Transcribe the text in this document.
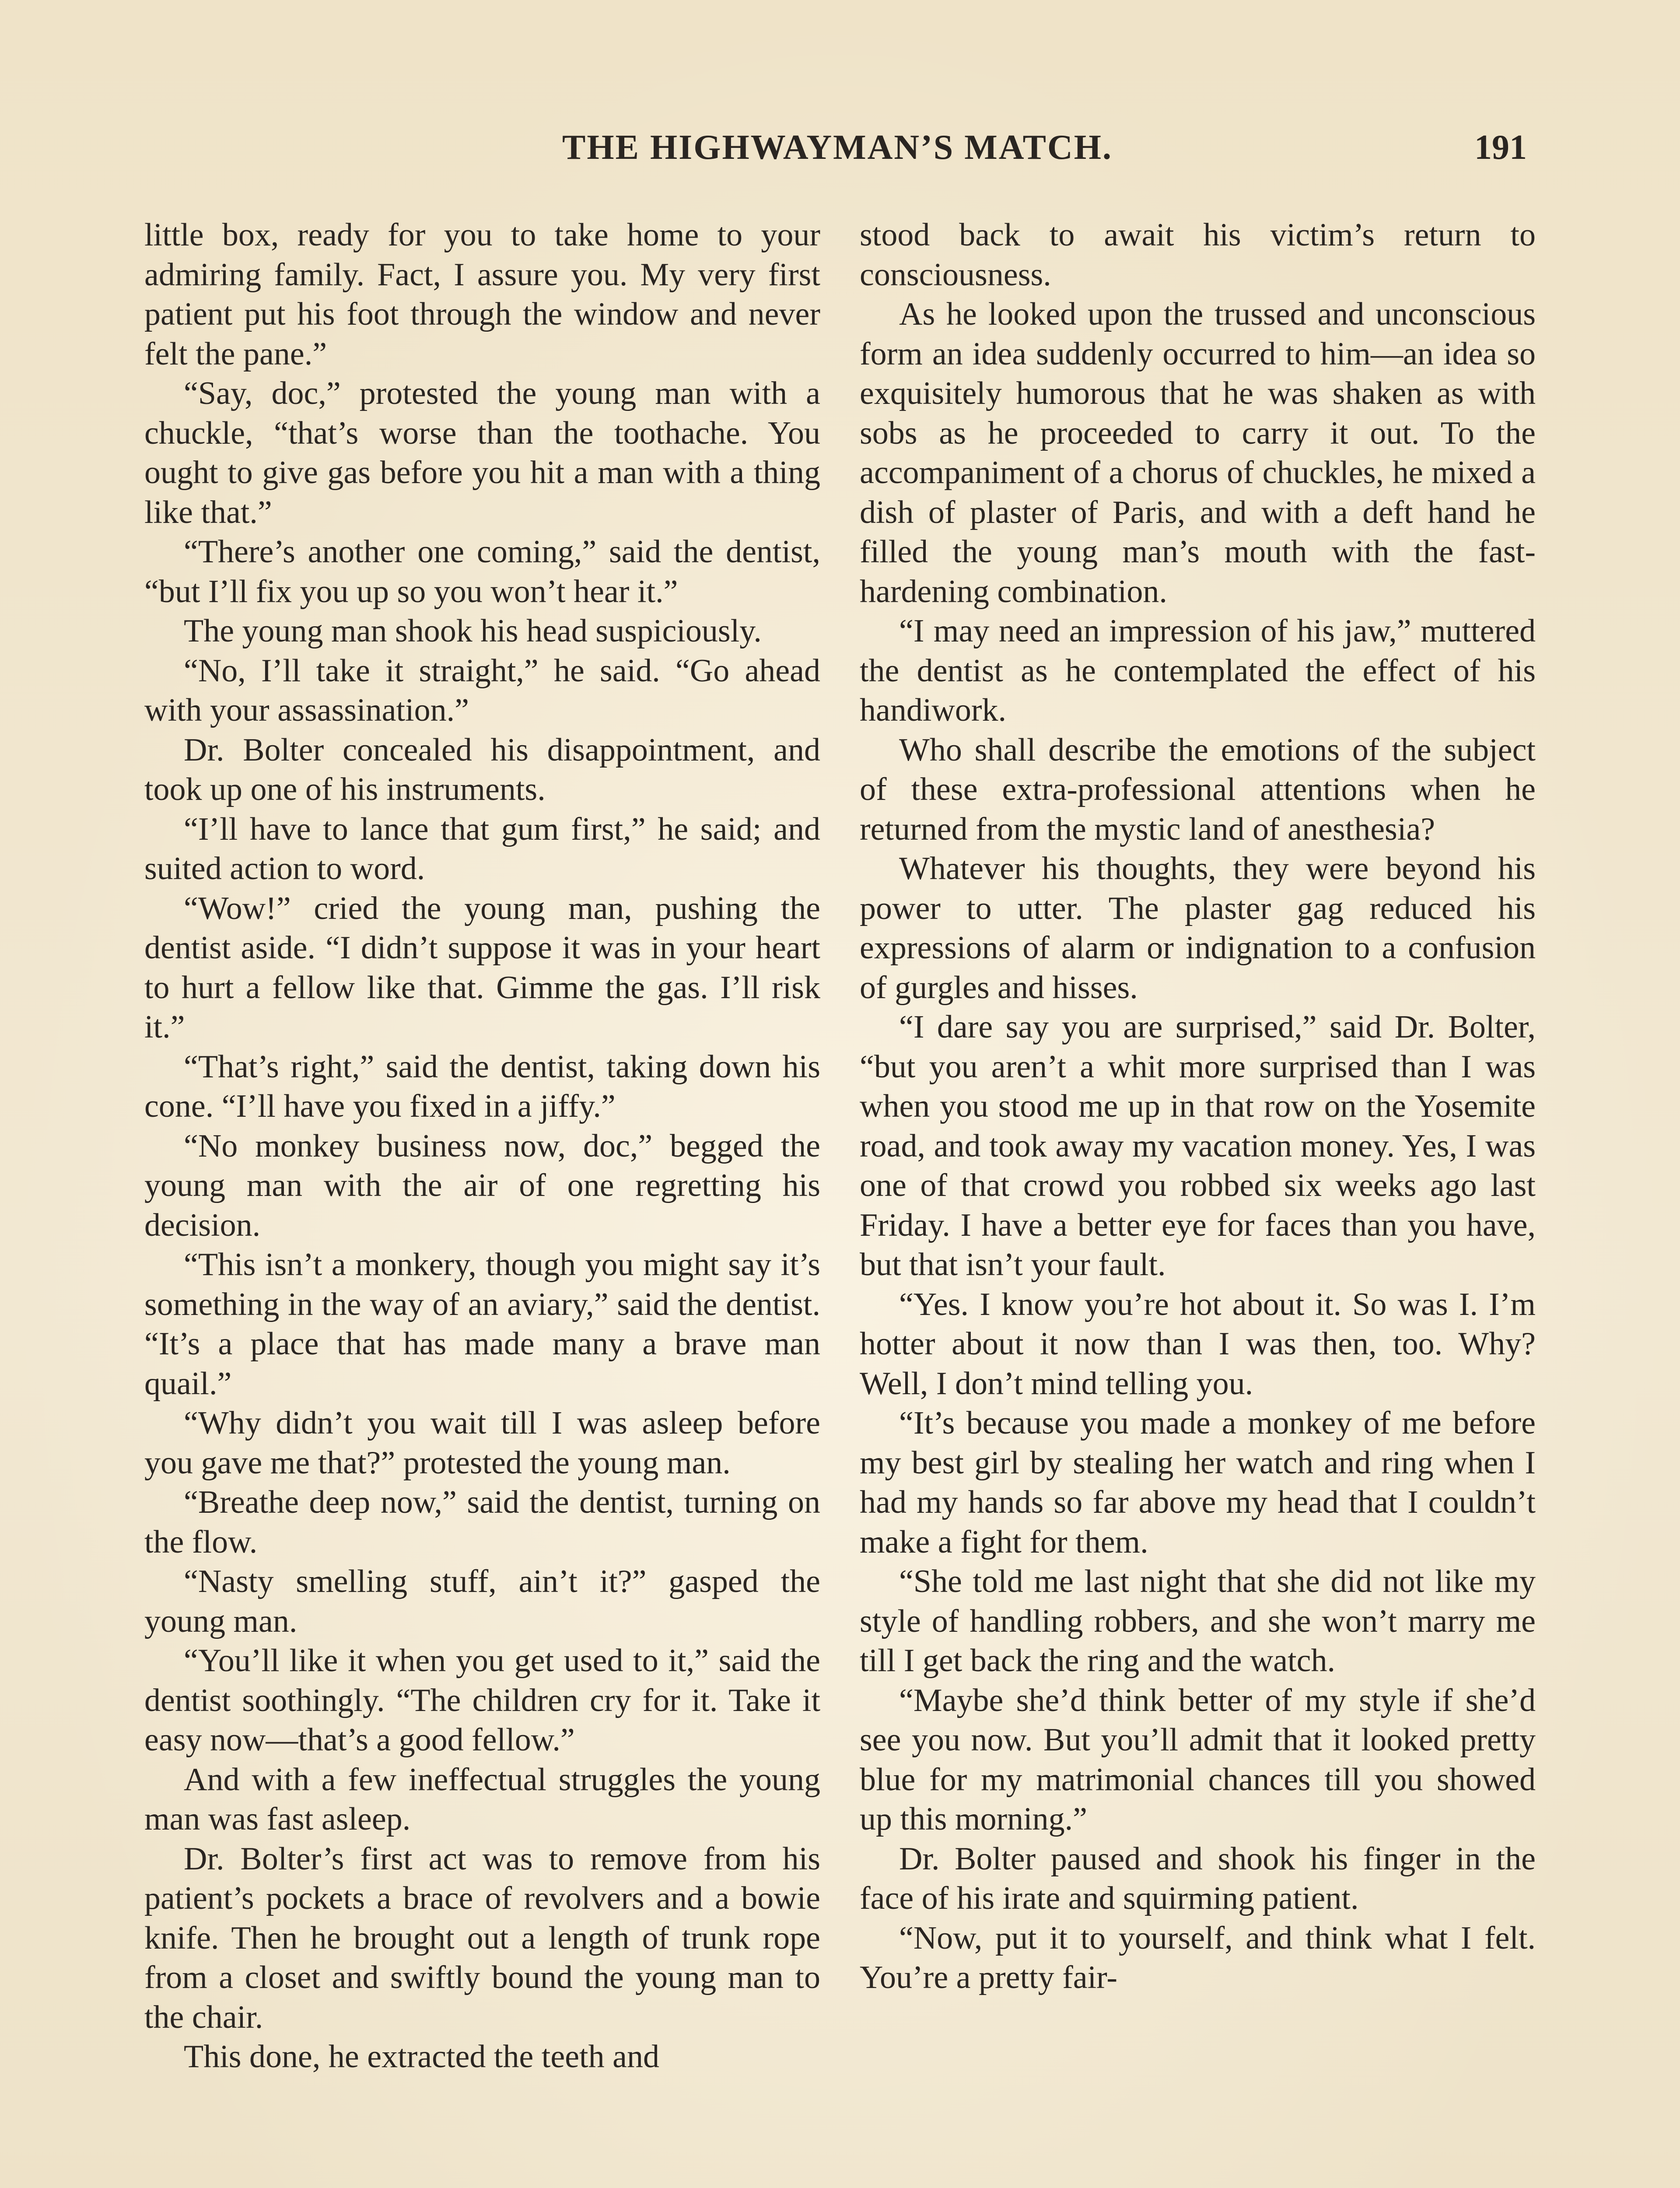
THE HIGHWAYMAN’S MATCH.	191

little box, ready for you to take home to your admiring family. Fact, I assure you. My very first patient put his foot through the window and never felt the pane.”

“Say, doc,” protested the young man with a chuckle, “that’s worse than the toothache. You ought to give gas before you hit a man with a thing like that.”

“There’s another one coming,” said the dentist, “but I’ll fix you up so you won’t hear it.”

The young man shook his head suspiciously.

“No, I’ll take it straight,” he said. “Go ahead with your assassination.”

Dr. Bolter concealed his disappointment, and took up one of his instruments.

“I’ll have to lance that gum first,” he said; and suited action to word.

“Wow!” cried the young man, pushing the dentist aside. “I didn’t suppose it was in your heart to hurt a fellow like that. Gimme the gas. I’ll risk it.”

“That’s right,” said the dentist, taking down his cone. “I’ll have you fixed in a jiffy.”

“No monkey business now, doc,” begged the young man with the air of one regretting his decision.

“This isn’t a monkery, though you might say it’s something in the way of an aviary,” said the dentist. “It’s a place that has made many a brave man quail.”

“Why didn’t you wait till I was asleep before you gave me that?” protested the young man.

“Breathe deep now,” said the dentist, turning on the flow.

“Nasty smelling stuff, ain’t it?” gasped the young man.

“You’ll like it when you get used to it,” said the dentist soothingly. “The children cry for it. Take it easy now—that’s a good fellow.”

And with a few ineffectual struggles the young man was fast asleep.

Dr. Bolter’s first act was to remove from his patient’s pockets a brace of revolvers and a bowie knife. Then he brought out a length of trunk rope from a closet and swiftly bound the young man to the chair.

This done, he extracted the teeth and

stood back to await his victim’s return to consciousness.

As he looked upon the trussed and unconscious form an idea suddenly occurred to him—an idea so exquisitely humorous that he was shaken as with sobs as he proceeded to carry it out. To the accompaniment of a chorus of chuckles, he mixed a dish of plaster of Paris, and with a deft hand he filled the young man’s mouth with the fast-hardening combination.

“I may need an impression of his jaw,” muttered the dentist as he contemplated the effect of his handiwork.

Who shall describe the emotions of the subject of these extra-professional attentions when he returned from the mystic land of anesthesia?

Whatever his thoughts, they were beyond his power to utter. The plaster gag reduced his expressions of alarm or indignation to a confusion of gurgles and hisses.

“I dare say you are surprised,” said Dr. Bolter, “but you aren’t a whit more surprised than I was when you stood me up in that row on the Yosemite road, and took away my vacation money. Yes, I was one of that crowd you robbed six weeks ago last Friday. I have a better eye for faces than you have, but that isn’t your fault.

“Yes. I know you’re hot about it. So was I. I’m hotter about it now than I was then, too. Why? Well, I don’t mind telling you.

“It’s because you made a monkey of me before my best girl by stealing her watch and ring when I had my hands so far above my head that I couldn’t make a fight for them.

“She told me last night that she did not like my style of handling robbers, and she won’t marry me till I get back the ring and the watch.

“Maybe she’d think better of my style if she’d see you now. But you’ll admit that it looked pretty blue for my matrimonial chances till you showed up this morning.”

Dr. Bolter paused and shook his finger in the face of his irate and squirming patient.

“Now, put it to yourself, and think what I felt. You’re a pretty fair-
